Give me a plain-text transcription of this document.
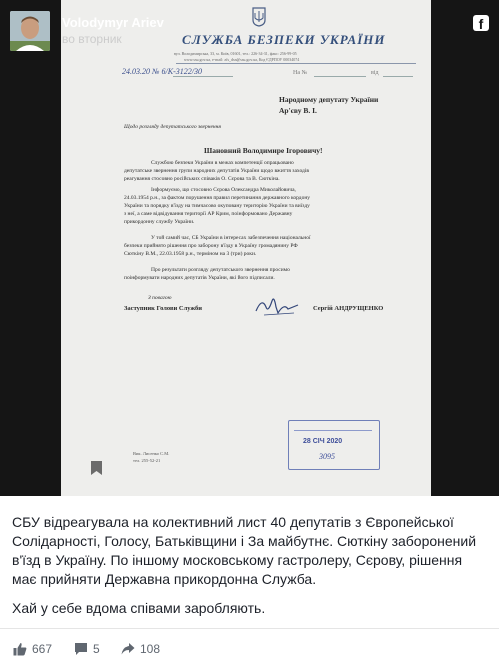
СЛУЖБА БЕЗПЕКИ УКРАЇНИ
вул. Володимирська, 33, м. Київ, 01601, тел.: 226-34-31, факс: 256-99-05
www.ssu.gov.ua, e-mail: zfs_dsn@ssu.gov.ua, Код ЄДРПОУ 00034074
24.03.20 № 6/К-3122/30	На №	від
Народному депутату України
Ар'єву В. І.
Щодо розгляду депутатського звернення
Шановний Володимире Ігоровичу!
Службою безпеки України в межах компетенції опрацьовано
депутатське звернення групи народних депутатів України щодо вжиття заходів
реагування стосовно російських співаків О. Сєрова та В. Сюткіна.
Інформуємо, що стосовно Сєрова Олександра Миколайовича,
24.03.1954 р.н., за фактом порушення правил перетинання державного кордону
України та порядку в'їзду на тимчасово окуповану територію України та виїзду
з неї, а саме відвідування території АР Крим, поінформовано Державну
прикордонну службу України.
У той самий час, СБ України в інтересах забезпечення національної
безпеки прийнято рішення про заборону в'їзду в Україну громадянину РФ
Сюткіну В.М., 22.03.1958 р.н., терміном на 3 (три) роки.
Про результати розгляду депутатського звернення просимо
поінформувати народних депутатів України, які його підписали.
З повагою
Заступник Голови Служби	Сергій АНДРУЩЕНКО
Вик. Лисенко С.М.
тел. 255-52-21
28 СІЧ 2020
3095
Volodymyr Ariev
во вторник
f

СБУ відреагувала на колективний лист 40 депутатів з Європейської Солідарності, Голосу, Батьківщини і За майбутнє. Сюткіну заборонений в'їзд в Україну. По іншому московському гастролеру, Сєрову, рішення має прийняти Державна прикордонна Служба.

Хай у себе вдома співами заробляють.

667	5	108
